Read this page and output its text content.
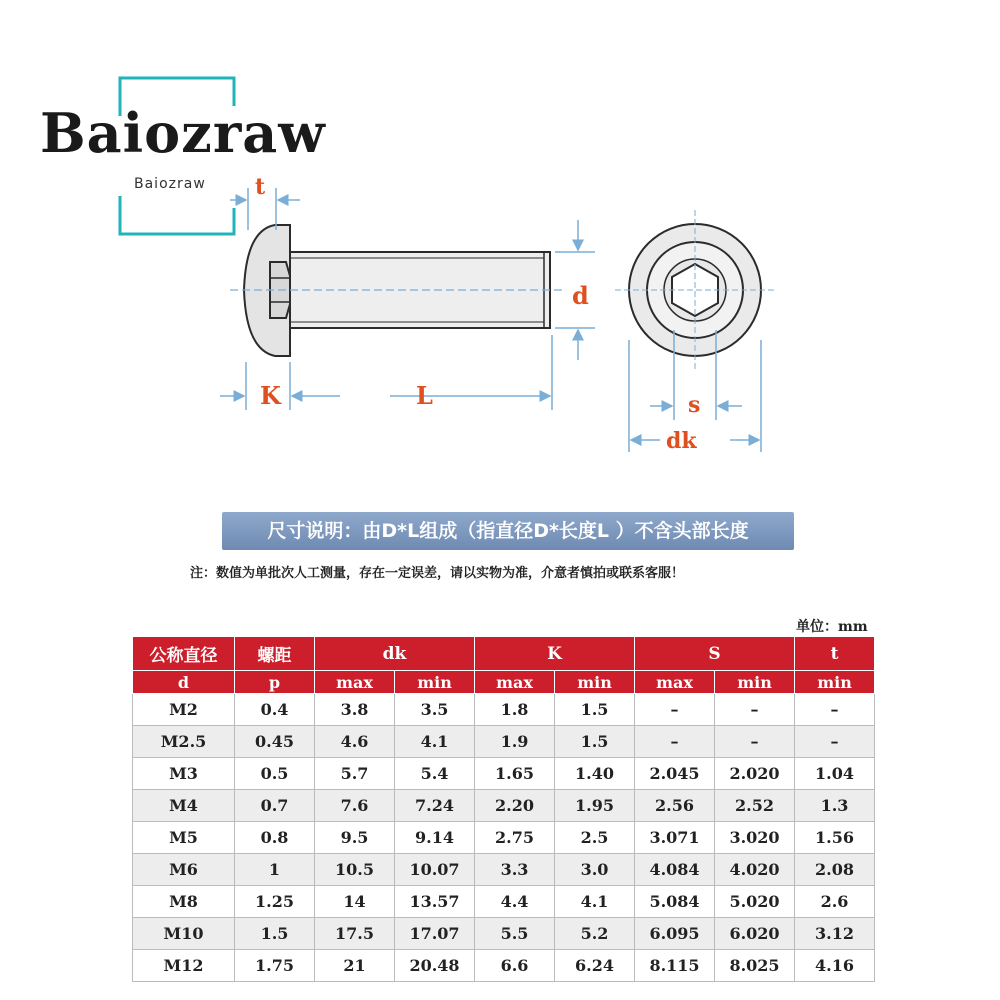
Baiozraw
Baiozraw t
d
K	L	s
dk
尺寸说明：由D*L组成（指直径D*长度L ）不含头部长度
注：数值为单批次人工测量，存在一定误差，请以实物为准，介意者慎拍或联系客服！
单位：mm
公称直径	螺距	dk		K		S		t
d	p	max	min	max	min	max	min	min
M2	0.4	3.8	3.5	1.8	1.5	–	–	–
M2.5	0.45	4.6	4.1	1.9	1.5	–	–	–
M3	0.5	5.7	5.4	1.65	1.40	2.045	2.020	1.04
M4	0.7	7.6	7.24	2.20	1.95	2.56	2.52	1.3
M5	0.8	9.5	9.14	2.75	2.5	3.071	3.020	1.56
M6	1	10.5	10.07	3.3	3.0	4.084	4.020	2.08
M8	1.25	14	13.57	4.4	4.1	5.084	5.020	2.6
M10	1.5	17.5	17.07	5.5	5.2	6.095	6.020	3.12
M12	1.75	21	20.48	6.6	6.24	8.115	8.025	4.16
